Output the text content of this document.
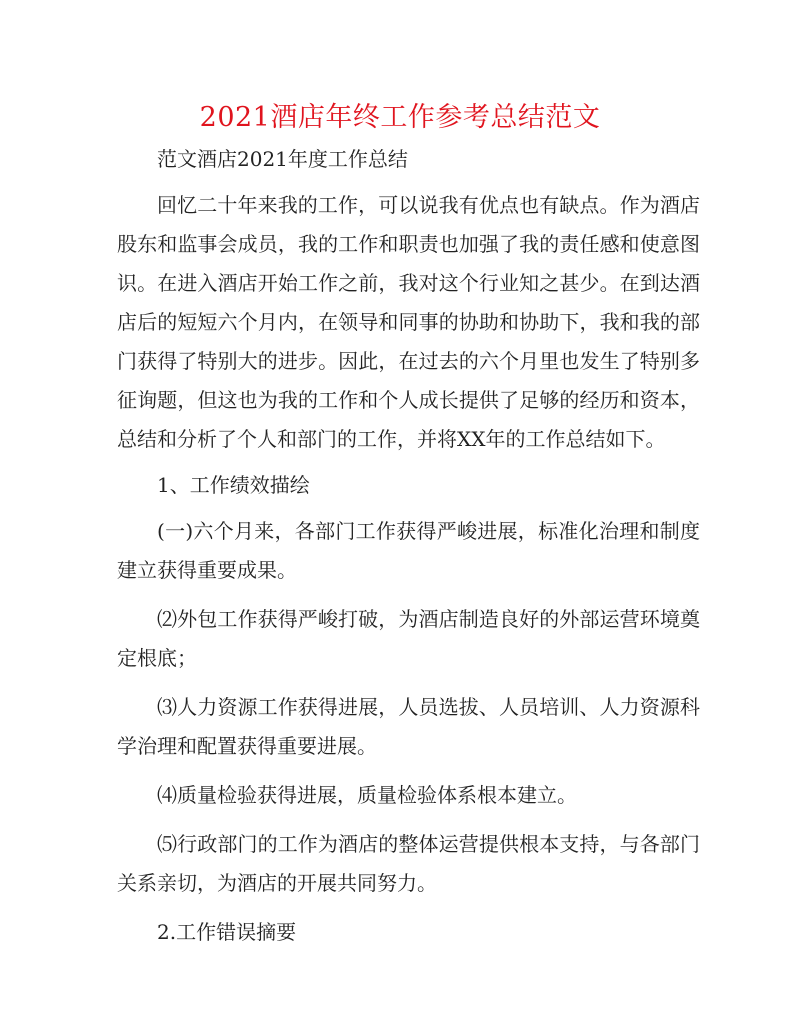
2021酒店年终工作参考总结范文

范文酒店2021年度工作总结

回忆二十年来我的工作，可以说我有优点也有缺点。作为酒店股东和监事会成员，我的工作和职责也加强了我的责任感和使意图识。在进入酒店开始工作之前，我对这个行业知之甚少。在到达酒店后的短短六个月内，在领导和同事的协助和协助下，我和我的部门获得了特别大的进步。因此，在过去的六个月里也发生了特别多征询题，但这也为我的工作和个人成长提供了足够的经历和资本，总结和分析了个人和部门的工作，并将XX年的工作总结如下。

1、工作绩效描绘

(一)六个月来，各部门工作获得严峻进展，标准化治理和制度建立获得重要成果。

⑵外包工作获得严峻打破，为酒店制造良好的外部运营环境奠定根底；

⑶人力资源工作获得进展，人员选拔、人员培训、人力资源科学治理和配置获得重要进展。

⑷质量检验获得进展，质量检验体系根本建立。

⑸行政部门的工作为酒店的整体运营提供根本支持，与各部门关系亲切，为酒店的开展共同努力。

2.工作错误摘要
